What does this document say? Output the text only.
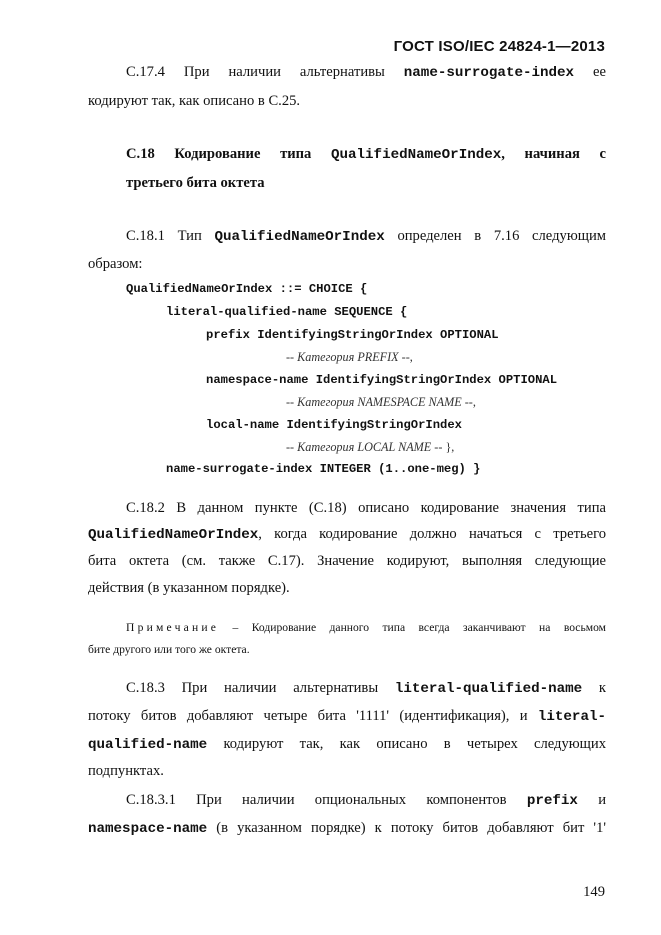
ГОСТ ISO/IEC 24824-1—2013
С.17.4 При наличии альтернативы name-surrogate-index ее
кодируют так, как описано в С.25.
С.18 Кодирование типа QualifiedNameOrIndex, начиная с
третьего бита октета
С.18.1 Тип QualifiedNameOrIndex определен в 7.16 следующим
образом:
QualifiedNameOrIndex ::= CHOICE {
literal-qualified-name SEQUENCE {
prefix IdentifyingStringOrIndex OPTIONAL
-- Категория PREFIX --,
namespace-name IdentifyingStringOrIndex OPTIONAL
-- Категория NAMESPACE NAME --,
local-name IdentifyingStringOrIndex
-- Категория LOCAL NAME -- },
name-surrogate-index INTEGER (1..one-meg) }
С.18.2 В данном пункте (С.18) описано кодирование значения типа
QualifiedNameOrIndex, когда кодирование должно начаться с третьего
бита октета (см. также С.17). Значение кодируют, выполняя следующие
действия (в указанном порядке).
Примечание – Кодирование данного типа всегда заканчивают на восьмом
бите другого или того же октета.
С.18.3 При наличии альтернативы literal-qualified-name к
потоку битов добавляют четыре бита '1111' (идентификация), и literal-
qualified-name кодируют так, как описано в четырех следующих
подпунктах.
С.18.3.1 При наличии опциональных компонентов prefix и
namespace-name (в указанном порядке) к потоку битов добавляют бит '1'
149
